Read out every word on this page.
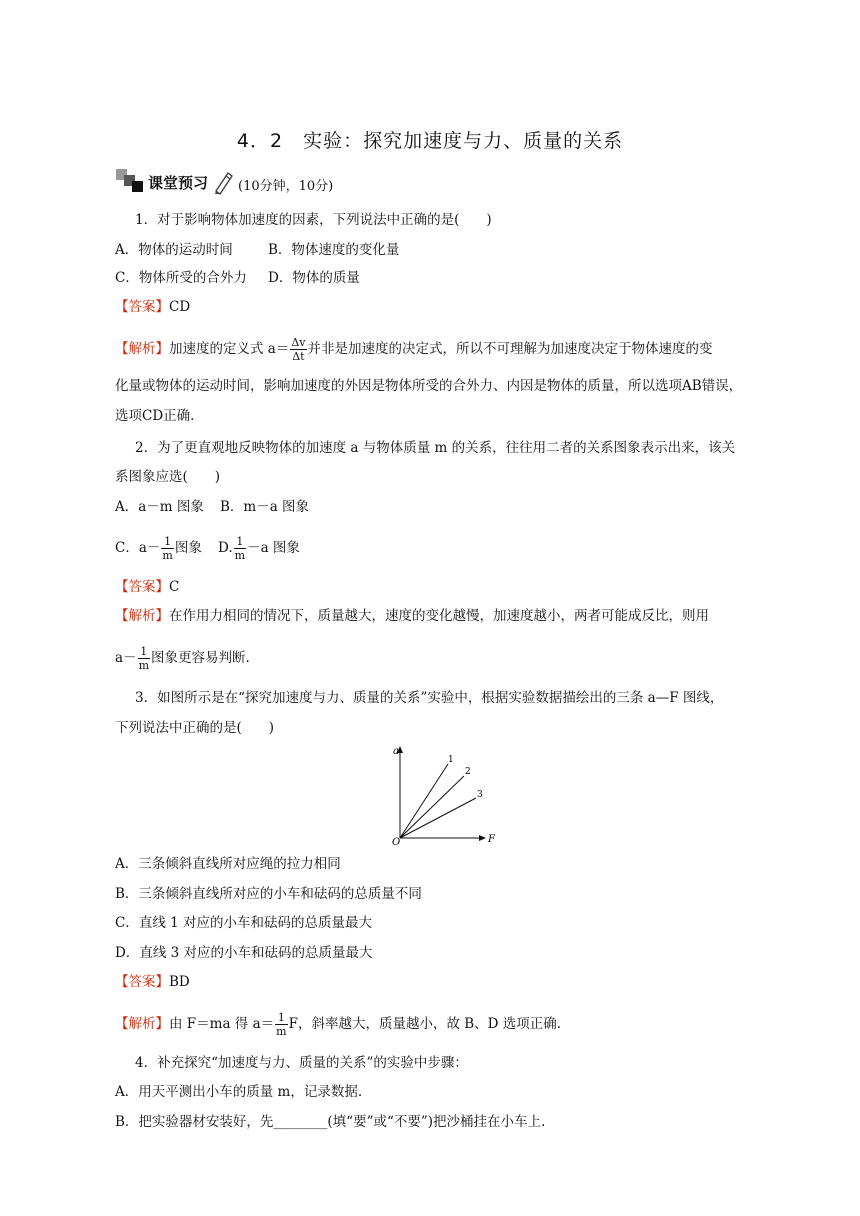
4．2　实验：探究加速度与力、质量的关系
课堂预习 (10分钟，10分)
1．对于影响物体加速度的因素，下列说法中正确的是(　　)
A．物体的运动时间	B．物体速度的变化量
C．物体所受的合外力 D．物体的质量
【答案】CD
【解析】加速度的定义式 $a= \frac{\Delta v}{\Delta t}$ 并非是加速度的决定式，所以不可理解为加速度决定于物体速度的变
化量或物体的运动时间，影响加速度的外因是物体所受的合外力、内因是物体的质量，所以选项AB错误，
选项CD正确.
2．为了更直观地反映物体的加速度 a 与物体质量 m 的关系，往往用二者的关系图象表示出来，该关
系图象应选(　　)
A．a－m 图象 B．m－a 图象
C．$a- \frac{1}{m}$ 图象 D. $\frac{1}{m} -a$ 图象
【答案】C
【解析】在作用力相同的情况下，质量越大，速度的变化越慢，加速度越小，两者可能成反比，则用
$a- \frac{1}{m}$ 图象更容易判断.
3．如图所示是在“探究加速度与力、质量的关系”实验中，根据实验数据描绘出的三条 a—F 图线，
下列说法中正确的是(　　)
a
F
O
1
2
3
A．三条倾斜直线所对应绳的拉力相同
B．三条倾斜直线所对应的小车和砝码的总质量不同
C．直线 1 对应的小车和砝码的总质量最大
D．直线 3 对应的小车和砝码的总质量最大
【答案】BD
【解析】由 F＝ma 得 $a= \frac{1}{m}$ F，斜率越大，质量越小，故 B、D 选项正确.
4．补充探究“加速度与力、质量的关系”的实验中步骤：
A．用天平测出小车的质量 m，记录数据.
B．把实验器材安装好，先________(填“要”或“不要”)把沙桶挂在小车上.
